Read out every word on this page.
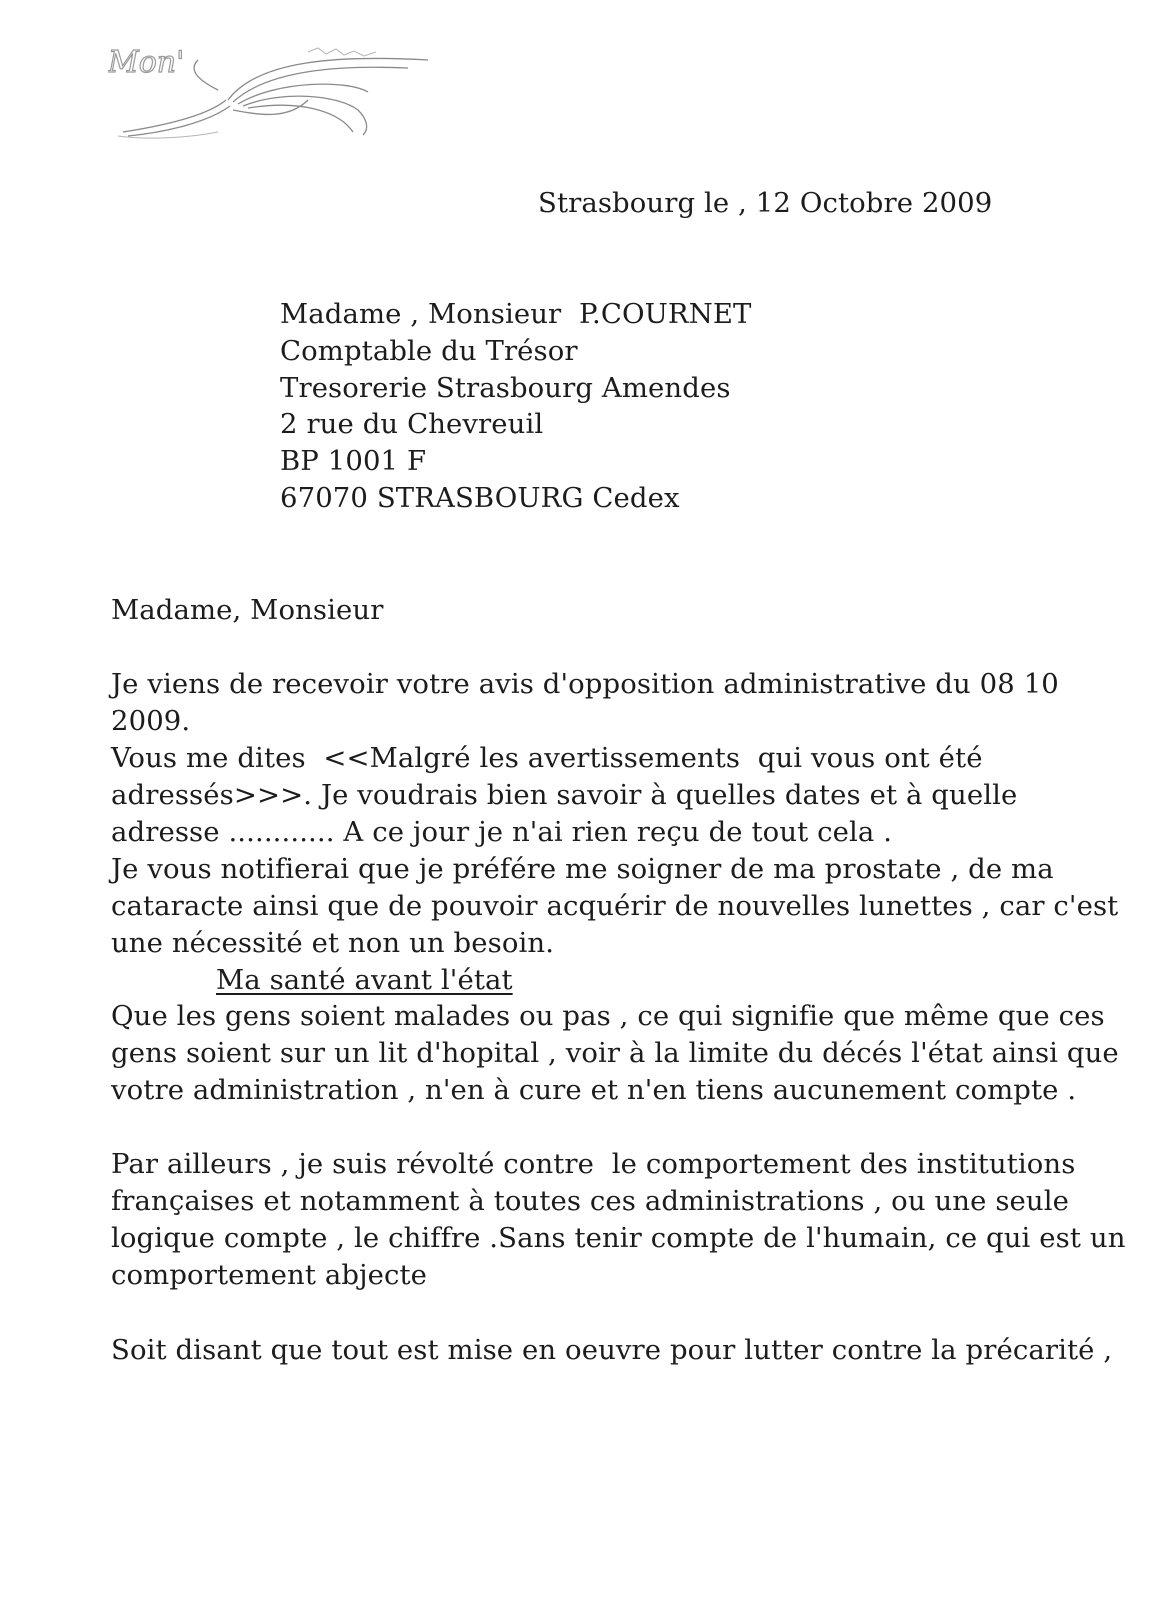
Mon'
Strasbourg le , 12 Octobre 2009
Madame , Monsieur  P.COURNET
Comptable du Trésor
Tresorerie Strasbourg Amendes
2 rue du Chevreuil
BP 1001 F
67070 STRASBOURG Cedex
Madame, Monsieur
Je viens de recevoir votre avis d'opposition administrative du 08 10
2009.
Vous me dites  <<Malgré les avertissements  qui vous ont été
adressés>>>. Je voudrais bien savoir à quelles dates et à quelle
adresse ............ A ce jour je n'ai rien reçu de tout cela .
Je vous notifierai que je préfére me soigner de ma prostate , de ma
cataracte ainsi que de pouvoir acquérir de nouvelles lunettes , car c'est
une nécessité et non un besoin.
Ma santé avant l'état
Que les gens soient malades ou pas , ce qui signifie que même que ces
gens soient sur un lit d'hopital , voir à la limite du décés l'état ainsi que
votre administration , n'en à cure et n'en tiens aucunement compte .
Par ailleurs , je suis révolté contre  le comportement des institutions
françaises et notamment à toutes ces administrations , ou une seule
logique compte , le chiffre .Sans tenir compte de l'humain, ce qui est un
comportement abjecte
Soit disant que tout est mise en oeuvre pour lutter contre la précarité ,
